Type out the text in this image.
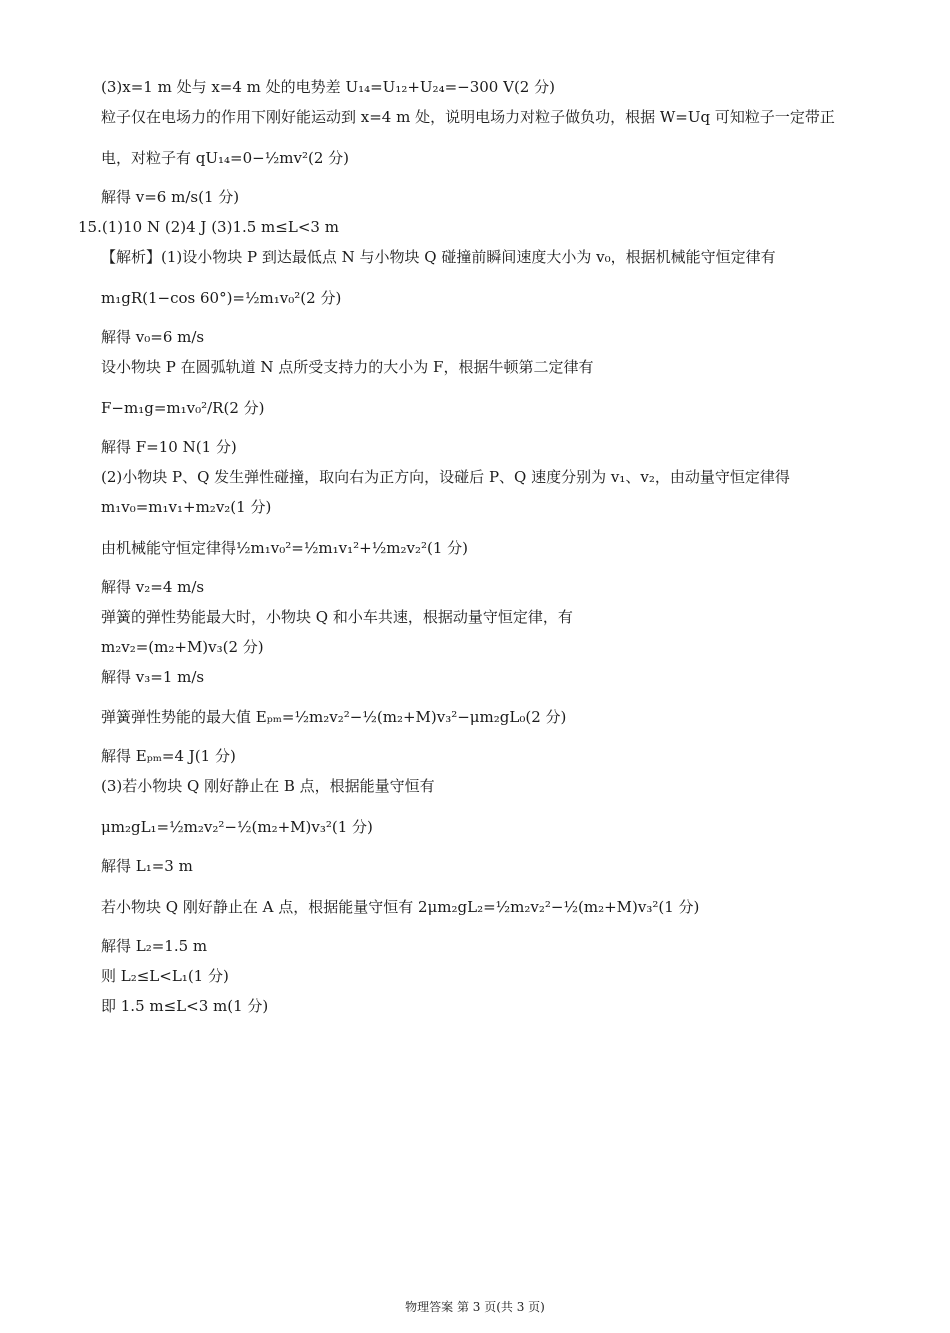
(3)x=1 m 处与 x=4 m 处的电势差 U₁₄=U₁₂+U₂₄=−300 V(2 分)
粒子仅在电场力的作用下刚好能运动到 x=4 m 处，说明电场力对粒子做负功，根据 W=Uq 可知粒子一定带正
电，对粒子有 qU₁₄=0−½mv²(2 分)
解得 v=6 m/s(1 分)
15.(1)10 N (2)4 J (3)1.5 m≤L<3 m
【解析】(1)设小物块 P 到达最低点 N 与小物块 Q 碰撞前瞬间速度大小为 v₀，根据机械能守恒定律有
m₁gR(1−cos 60°)=½m₁v₀²(2 分)
解得 v₀=6 m/s
设小物块 P 在圆弧轨道 N 点所受支持力的大小为 F，根据牛顿第二定律有
F−m₁g=m₁v₀²/R(2 分)
解得 F=10 N(1 分)
(2)小物块 P、Q 发生弹性碰撞，取向右为正方向，设碰后 P、Q 速度分别为 v₁、v₂，由动量守恒定律得
m₁v₀=m₁v₁+m₂v₂(1 分)
由机械能守恒定律得½m₁v₀²=½m₁v₁²+½m₂v₂²(1 分)
解得 v₂=4 m/s
弹簧的弹性势能最大时，小物块 Q 和小车共速，根据动量守恒定律，有
m₂v₂=(m₂+M)v₃(2 分)
解得 v₃=1 m/s
弹簧弹性势能的最大值 Eₚₘ=½m₂v₂²−½(m₂+M)v₃²−μm₂gL₀(2 分)
解得 Eₚₘ=4 J(1 分)
(3)若小物块 Q 刚好静止在 B 点，根据能量守恒有
μm₂gL₁=½m₂v₂²−½(m₂+M)v₃²(1 分)
解得 L₁=3 m
若小物块 Q 刚好静止在 A 点，根据能量守恒有 2μm₂gL₂=½m₂v₂²−½(m₂+M)v₃²(1 分)
解得 L₂=1.5 m
则 L₂≤L<L₁(1 分)
即 1.5 m≤L<3 m(1 分)
物理答案 第 3 页(共 3 页)
